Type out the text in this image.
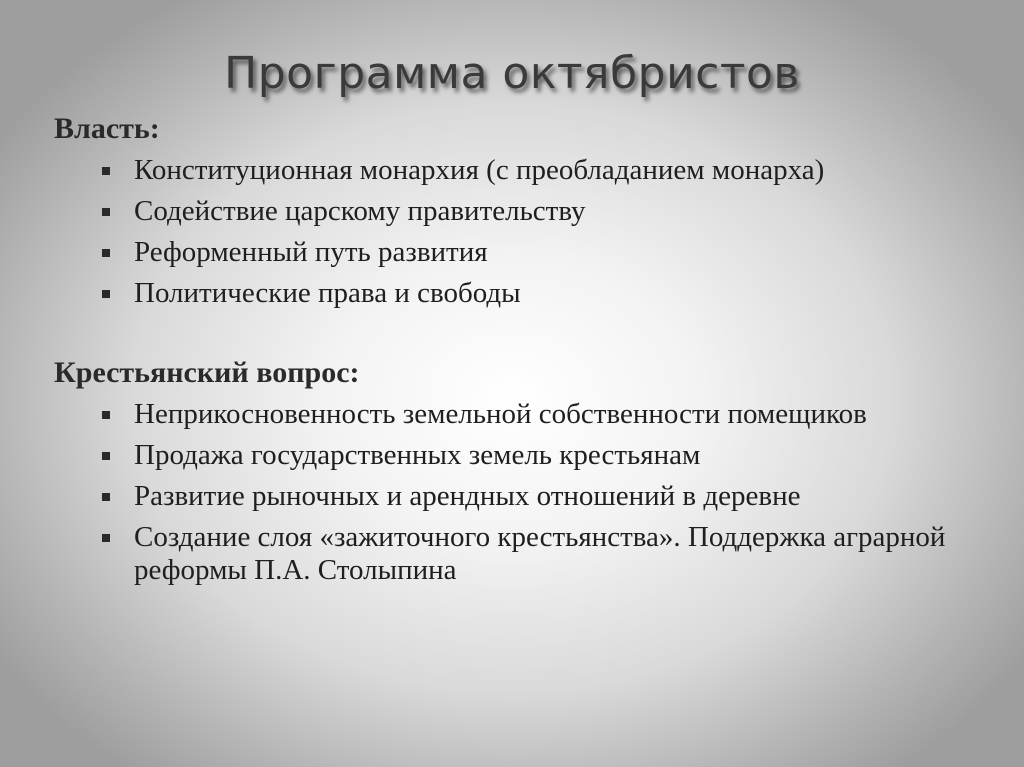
Программа октябристов
Власть:
Конституционная монархия (с преобладанием монарха)
Содействие царскому правительству
Реформенный путь развития
Политические права и свободы
Крестьянский вопрос:
Неприкосновенность земельной собственности помещиков
Продажа государственных земель крестьянам
Развитие рыночных и арендных отношений в деревне
Создание слоя «зажиточного крестьянства». Поддержка аграрной реформы П.А. Столыпина
